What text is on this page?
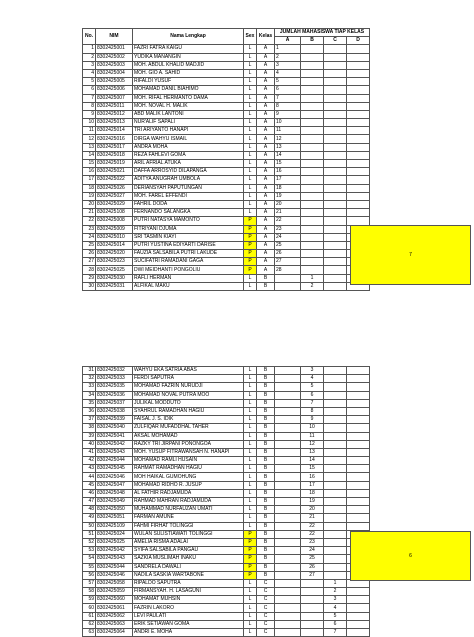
No.	NIM	Nama Lengkap	Sex	Kelas	JUMLAH MAHASISWA TIAP KELAS			
					A	B	C	D
1	8302425001	FAZRI FATRA KAIGU	L	A	1			
2	8302425002	YUDIKA MANANGIN	L	A	2			
3	8302425003	MOH. ABDUL KHALID MADJID	L	A	3			
4	8302425004	MOH. GIO A. SAHID	L	A	4			
5	8302425005	RIFALDI YUSUF	L	A	5			
6	8302425006	MOHAMAD DANIL BIAHIMO	L	A	6			
7	8302425007	MOH. RIFAL HERMANTO DAMA	L	A	7			
8	8302425011	MOH. NOVAL H. MALIK	L	A	8			
9	8302425012	ABD MALIK LANTONI	L	A	9			
10	8302425013	NUR'ALIF SAPALI	L	A	10			
11	8302425014	TRI ARIYANTO HANAPI	L	A	11			
12	8302425016	DIRGA WAHYU ISMAIL	L	A	12			
13	8302425017	ANDRA MOHA	L	A	13			
14	8302425018	REZA FAHLEVI GOMA	L	A	14			
15	8302425019	ARIL AFRIAL ATUKA	L	A	15			
16	8302425021	DAFFA ARROSYID DILAPANGA	L	A	16			
17	8302425022	ADITYA ANUGRAH UMBOLA	L	A	17			
18	8302425026	DERIANSYAH PAPUTUNGAN	L	A	18			
19	8302425027	MOH. FAREL EFFENDI	L	A	19			
20	8302425029	FAHRIL DODA	L	A	20			
21	8302425108	FERNANDO SALANGKA	L	A	21			
22	8302425008	PUTRI NATASYA MAMONTO	P	A	22			
23	8302425009	FITRIYANI DJUMA	P	A	23			
24	8302425010	SRI TASMIN KIAYI	P	A	24			
25	8302425014	PUTRI YUSTINA EDIYARTI DARISE	P	A	25			
26	8302425020	FAUZIA SALSABILA PUTRI LAKUDE	P	A	26			
27	8302425023	SUCIFATRI RAMADANI GAGA	P	A	27			
28	8302425025	DWI MEIDHANTI PONGOLIU	P	A	28			
29	8302425030	RAFLI HERMAN	L	B		1		
30	8302425031	ALFIKAL MAKU	L	B		2		
7
31	8302425032	WAHYU EKA SATRIA ABAS	L	B		3		
32	8302425033	FERDI SAPUTRA	L	B		4		
33	8302425035	MOHAMAD FAZRIN NURUDJI	L	B		5		
34	8302425036	MOHAMAD NOVAL PUTRA MOO	L	B		6		
35	8302425037	JULIKAL MODDUTO	L	B		7		
36	8302425038	SYAHRUL RAMADHAN HAGIU	L	B		8		
37	8302425039	FAISAL J. S. IDIK	L	B		9		
38	8302425040	ZULFIQAR MUFADDHAL TAHER	L	B		10		
39	8302425041	AKSAL MOHAMAD	L	B		11		
40	8302425042	RAZKY TRI JIRPANI PONONGOA	L	B		12		
41	8302425043	MOH. YUSUP FITRAWANSAH N. HANAPI	L	B		13		
42	8302425044	MOHAMAD RAMLI HUSAIN	L	B		14		
43	8302425045	RAHMAT RAMADHAN HAGIU	L	B		15		
44	8302425046	MOH HAIKAL GUMOHUNG	L	B		16		
45	8302425047	MOHAMAD RIDHO R. JUSUP	L	B		17		
46	8302425048	AL FATHIR RADJAMUDA	L	B		18		
47	8302425049	RAHMAD MAHRAN RADJAMUDA	L	B		19		
48	8302425050	MUHAMMAD NURFAUZAN UMATI	L	B		20		
49	8302425051	FARMAN AMUNE	L	B		21		
50	8302425109	FAHMI FIRHAT TOLINGGI	L	B		22		
51	8302425024	WULAN SULISTIAWATI TOLINGGI	P	B		22		
52	8302425025	AMELIA RISMA ADALAI	P	B		23		
53	8302425042	SYIFA SALSABILA PANGAU	P	B		24		
54	8302425043	SAZKIA MUSLIMAH INAKU	P	B		25		
55	8302425044	SANDRELA DAWALI	P	B		26		
56	8302425046	NADILA SASKIA WARTABONE	P	B		27		
57	8302425058	RIPALDO SAPUTRA	L	C			1	
58	8302425059	FIRMANSYAH. H. LASAGUNI	L	C			2	
59	8302425060	MOHAMAT MUHSIN	L	C			3	
60	8302425061	FAZRIN LAKORO	L	C			4	
61	8302425062	LEVI PAULATI	L	C			5	
62	8302425063	ERIK SETIAWAN GOMA	L	C			6	
63	8302425064	ANDRI E. MOHA	L	C			7	
6
